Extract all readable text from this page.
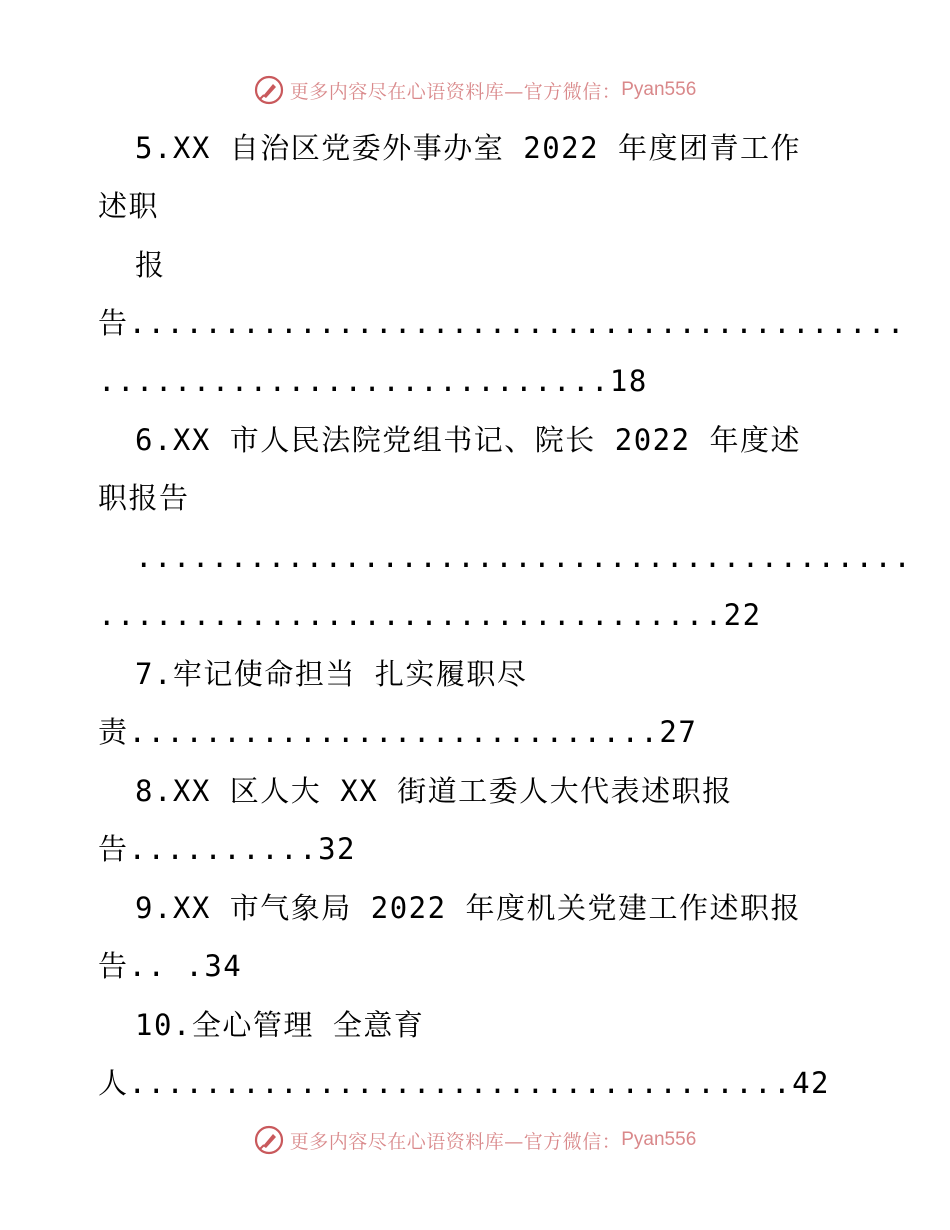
更多内容尽在心语资料库—官方微信： Pyan556
5.XX 自治区党委外事办室 2022 年度团青工作
述职
报
告.........................................
...........................18
6.XX 市人民法院党组书记、院长 2022 年度述
职报告
.........................................
.................................22
7.牢记使命担当 扎实履职尽
责............................27
8.XX 区人大 XX 街道工委人大代表述职报
告..........32
9.XX 市气象局 2022 年度机关党建工作述职报
告.. .34
10.全心管理 全意育
人...................................42
更多内容尽在心语资料库—官方微信： Pyan556
